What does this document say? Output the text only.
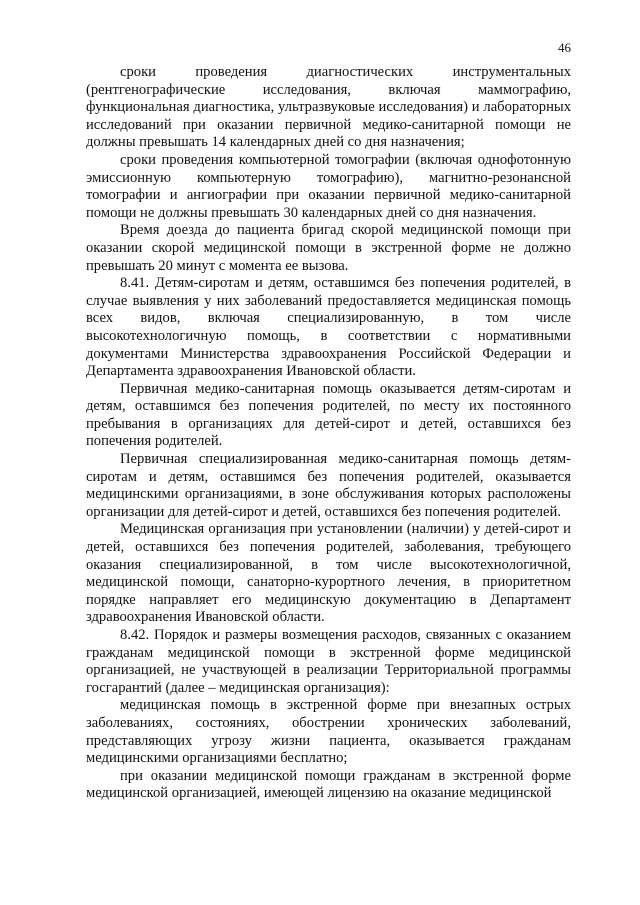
46

сроки проведения диагностических инструментальных (рентгенографические исследования, включая маммографию, функциональная диагностика, ультразвуковые исследования) и лабораторных исследований при оказании первичной медико-санитарной помощи не должны превышать 14 календарных дней со дня назначения;

сроки проведения компьютерной томографии (включая однофотонную эмиссионную компьютерную томографию), магнитно-резонансной томографии и ангиографии при оказании первичной медико-санитарной помощи не должны превышать 30 календарных дней со дня назначения.

Время доезда до пациента бригад скорой медицинской помощи при оказании скорой медицинской помощи в экстренной форме не должно превышать 20 минут с момента ее вызова.

8.41. Детям-сиротам и детям, оставшимся без попечения родителей, в случае выявления у них заболеваний предоставляется медицинская помощь всех видов, включая специализированную, в том числе высокотехнологичную помощь, в соответствии с нормативными документами Министерства здравоохранения Российской Федерации и Департамента здравоохранения Ивановской области.

Первичная медико-санитарная помощь оказывается детям-сиротам и детям, оставшимся без попечения родителей, по месту их постоянного пребывания в организациях для детей-сирот и детей, оставшихся без попечения родителей.

Первичная специализированная медико-санитарная помощь детям-сиротам и детям, оставшимся без попечения родителей, оказывается медицинскими организациями, в зоне обслуживания которых расположены организации для детей-сирот и детей, оставшихся без попечения родителей.

Медицинская организация при установлении (наличии) у детей-сирот и детей, оставшихся без попечения родителей, заболевания, требующего оказания специализированной, в том числе высокотехнологичной, медицинской помощи, санаторно-курортного лечения, в приоритетном порядке направляет его медицинскую документацию в Департамент здравоохранения Ивановской области.

8.42. Порядок и размеры возмещения расходов, связанных с оказанием гражданам медицинской помощи в экстренной форме медицинской организацией, не участвующей в реализации Территориальной программы госгарантий (далее – медицинская организация):

медицинская помощь в экстренной форме при внезапных острых заболеваниях, состояниях, обострении хронических заболеваний, представляющих угрозу жизни пациента, оказывается гражданам медицинскими организациями бесплатно;

при оказании медицинской помощи гражданам в экстренной форме медицинской организацией, имеющей лицензию на оказание медицинской
